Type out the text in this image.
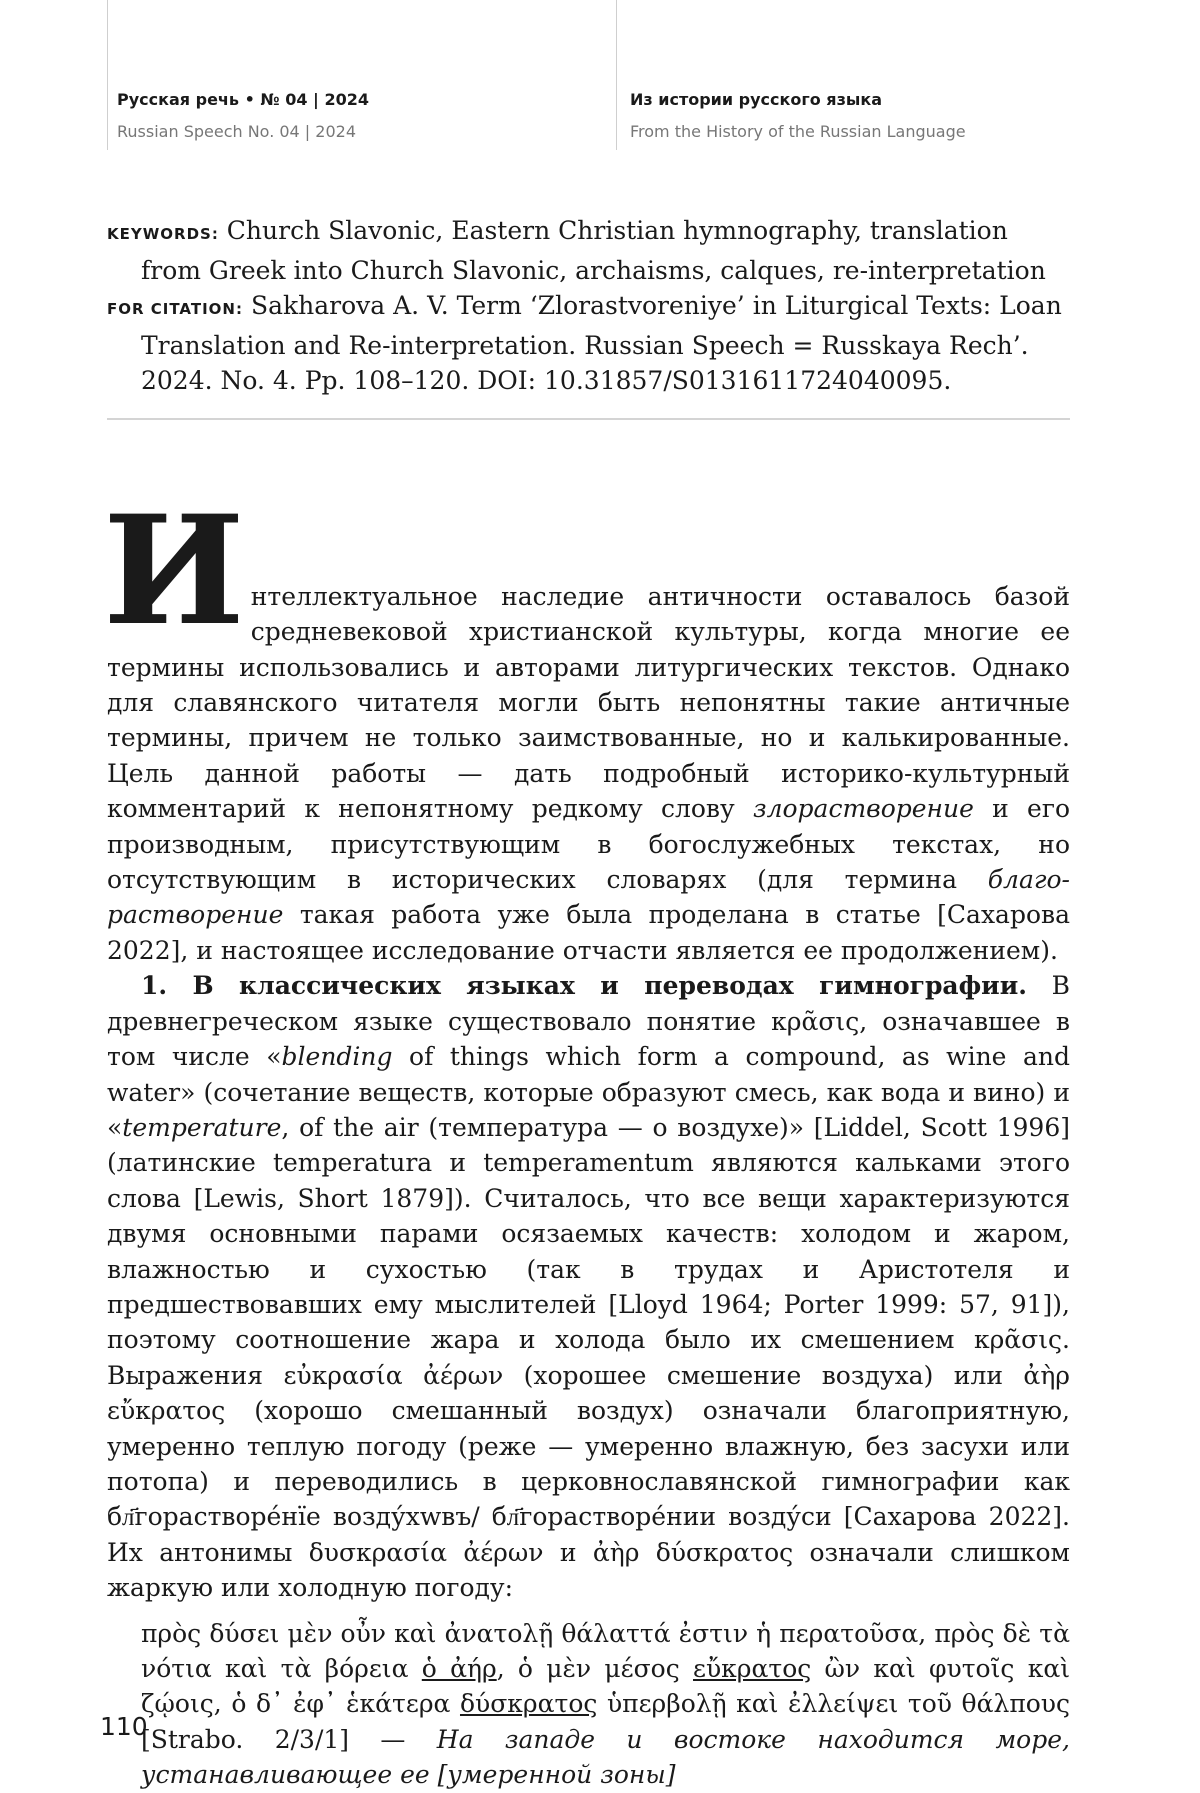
Русская речь • № 04 | 2024
Russian Speech No. 04 | 2024
Из истории русского языка
From the History of the Russian Language

KEYWORDS: Church Slavonic, Eastern Christian hymnography, translation from Greek into Church Slavonic, archaisms, calques, re-interpretation

FOR CITATION: Sakharova A. V. Term ‘Zlorastvoreniye’ in Liturgical Texts: Loan Translation and Re-interpretation. Russian Speech = Russkaya Rech’. 2024. No. 4. Pp. 108–120. DOI: 10.31857/S0131611724040095.

Интеллектуальное наследие античности оставалось базой средневековой христианской культуры, когда многие ее термины использовались и авторами литургических текстов. Однако для славянского читателя могли быть непонятны такие античные термины, причем не только заимствованные, но и калькированные. Цель данной работы — дать подробный историко-культурный комментарий к непонятному редкому слову злорастворение и его производным, присутствующим в богослужебных текстах, но отсутствующим в исторических словарях (для термина благорастворение такая работа уже была проделана в статье [Сахарова 2022], и настоящее исследование отчасти является ее продолжением).

1. В классических языках и переводах гимнографии. В древнегреческом языке существовало понятие κρᾶσις, означавшее в том числе «blending of things which form a compound, as wine and water» (сочетание веществ, которые образуют смесь, как вода и вино) и «temperature, of the air (температура — о воздухе)» [Liddel, Scott 1996] (латинские temperatura и temperamentum являются кальками этого слова [Lewis, Short 1879]). Считалось, что все вещи характеризуются двумя основными парами осязаемых качеств: холодом и жаром, влажностью и сухостью (так в трудах и Аристотеля и предшествовавших ему мыслителей [Lloyd 1964; Porter 1999: 57, 91]), поэтому соотношение жара и холода было их смешением κρᾶσις. Выражения εὐκρασία ἀέρων (хорошее смешение воздуха) или ἀὴρ εὔκρατος (хорошо смешанный воздух) означали благоприятную, умеренно теплую погоду (реже — умеренно влажную, без засухи или потопа) и переводились в церковнославянской гимнографии как бл҃горастворе́нїе возду́хwвъ/ бл҃горастворе́нии возду́си [Сахарова 2022]. Их антонимы δυσκρασία ἀέρων и ἀὴρ δύσκρατος означали слишком жаркую или холодную погоду:

πρὸς δύσει μὲν οὖν καὶ ἀνατολῇ θάλαττά ἐστιν ἡ περατοῦσα, πρὸς δὲ τὰ νότια καὶ τὰ βόρεια ὁ ἀήρ, ὁ μὲν μέσος εὔκρατος ὢν καὶ φυτοῖς καὶ ζῴοις, ὁ δ᾽ ἐφ᾽ ἑκάτερα δύσκρατος ὑπερβολῇ καὶ ἐλλείψει τοῦ θάλπους [Strabo. 2/3/1] — На западе и востоке находится море, устанавливающее ее [умеренной зоны]

110
